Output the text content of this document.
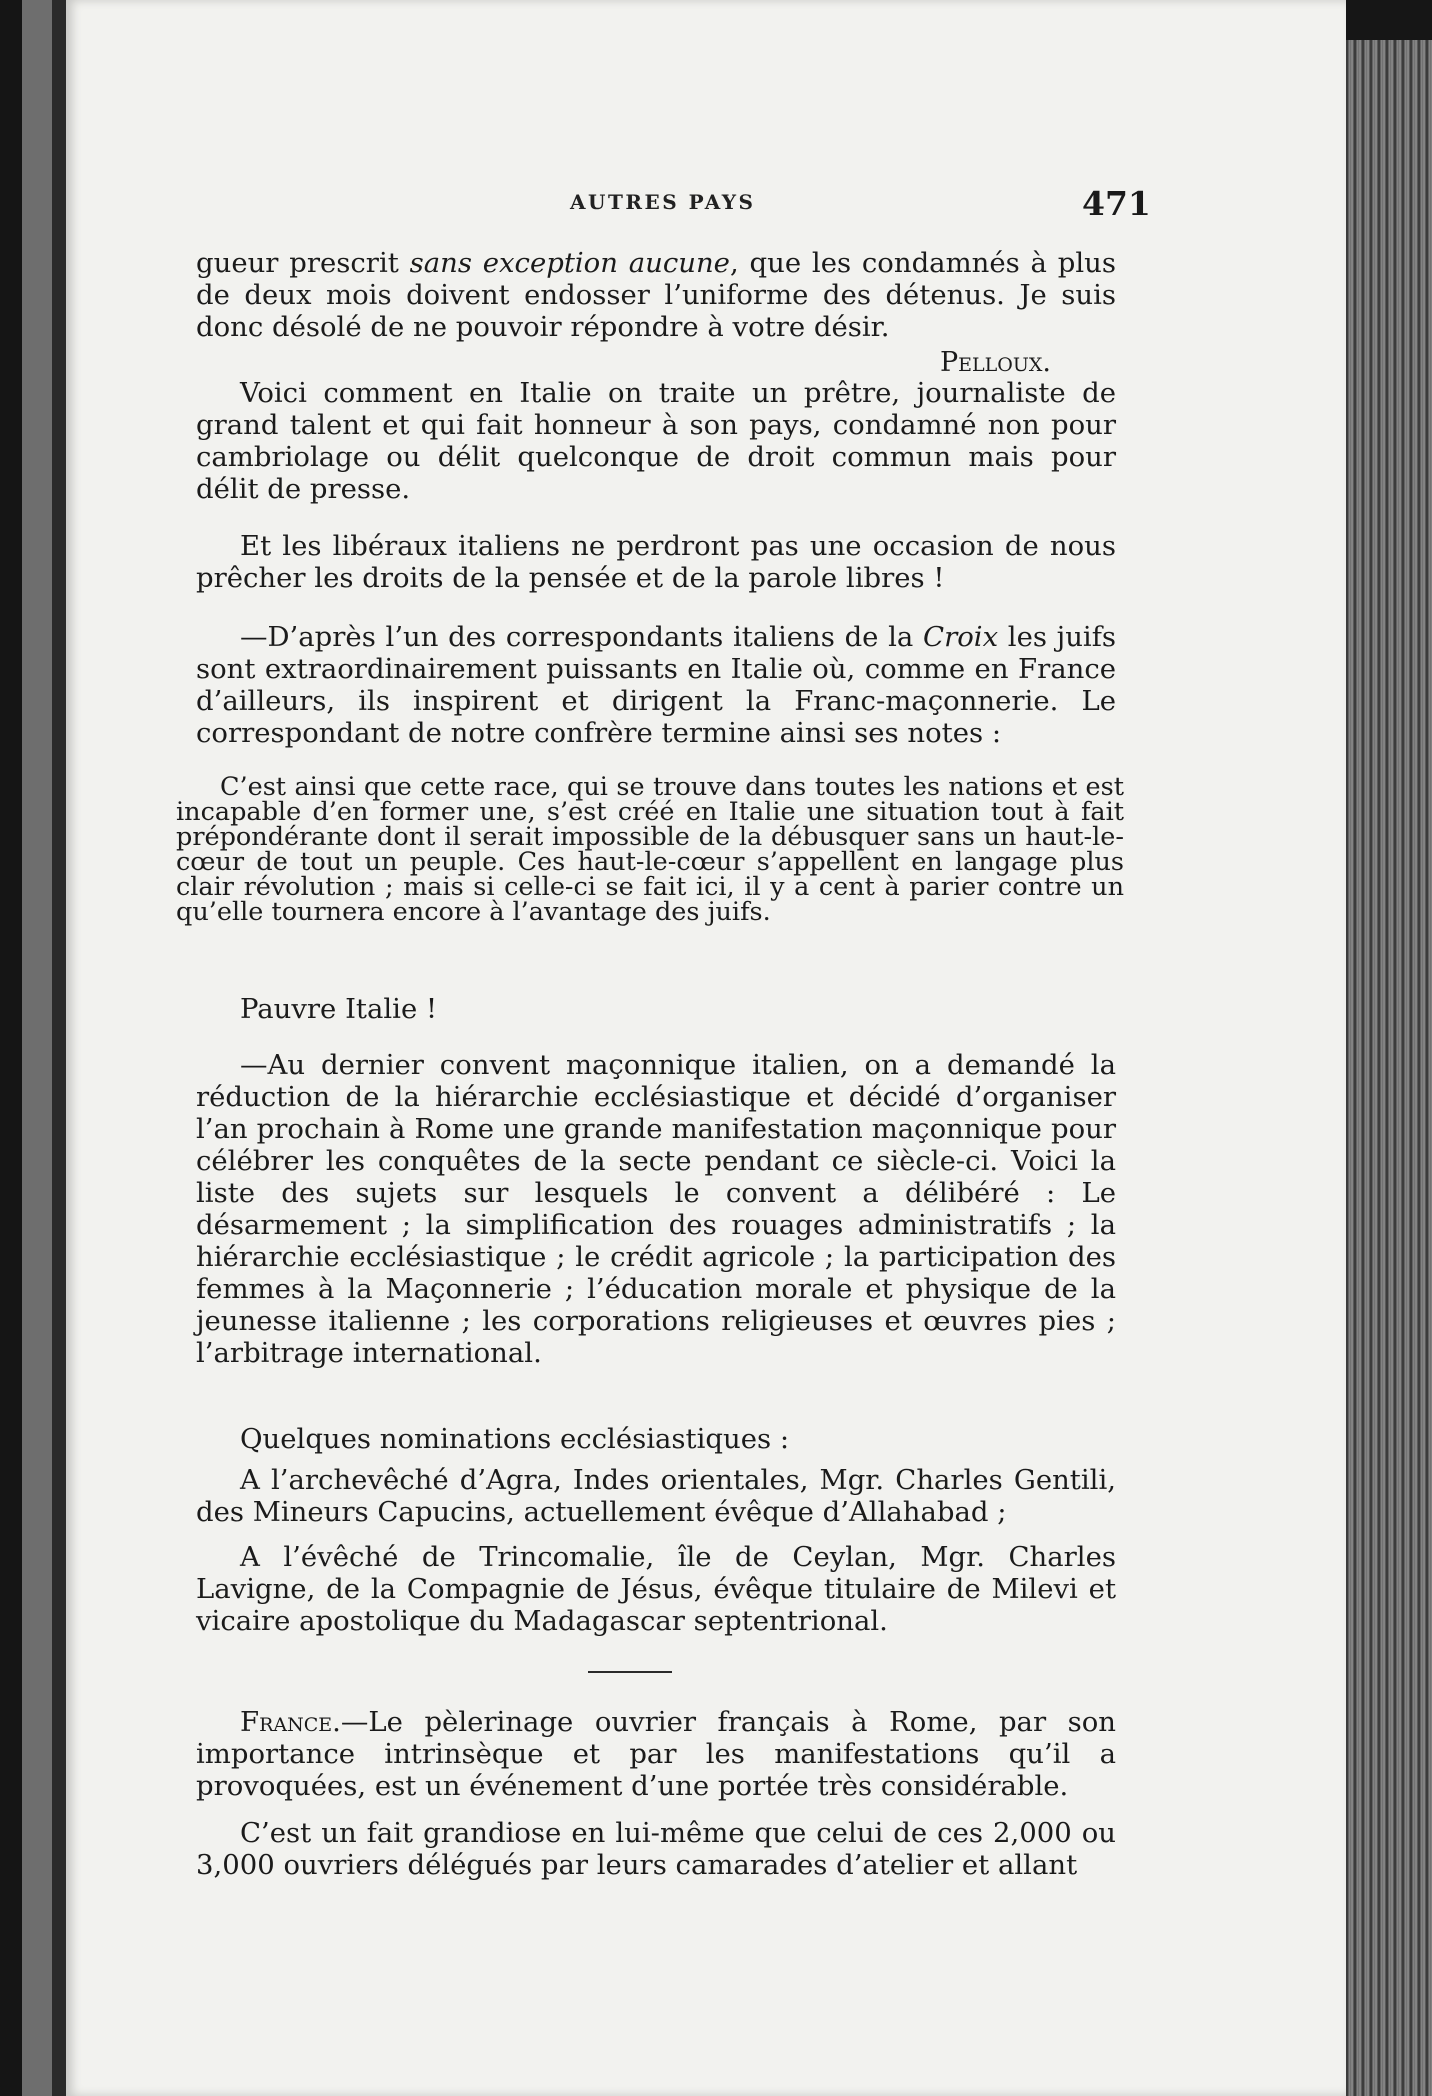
AUTRES PAYS	471

gueur prescrit sans exception aucune, que les condamnés à plus de deux mois doivent endosser l’uniforme des détenus. Je suis donc désolé de ne pouvoir répondre à votre désir.

Pelloux.

Voici comment en Italie on traite un prêtre, journaliste de grand talent et qui fait honneur à son pays, condamné non pour cambriolage ou délit quelconque de droit commun mais pour délit de presse.

Et les libéraux italiens ne perdront pas une occasion de nous prêcher les droits de la pensée et de la parole libres !

—D’après l’un des correspondants italiens de la Croix les juifs sont extraordinairement puissants en Italie où, comme en France d’ailleurs, ils inspirent et dirigent la Franc-maçonnerie. Le correspondant de notre confrère termine ainsi ses notes :

C’est ainsi que cette race, qui se trouve dans toutes les nations et est incapable d’en former une, s’est créé en Italie une situation tout à fait prépondérante dont il serait impossible de la débusquer sans un haut-le-cœur de tout un peuple. Ces haut-le-cœur s’appellent en langage plus clair révolution ; mais si celle-ci se fait ici, il y a cent à parier contre un qu’elle tournera encore à l’avantage des juifs.

Pauvre Italie !

—Au dernier convent maçonnique italien, on a demandé la réduction de la hiérarchie ecclésiastique et décidé d’organiser l’an prochain à Rome une grande manifestation maçonnique pour célébrer les conquêtes de la secte pendant ce siècle-ci. Voici la liste des sujets sur lesquels le convent a délibéré : Le désarmement ; la simplification des rouages administratifs ; la hiérarchie ecclésiastique ; le crédit agricole ; la participation des femmes à la Maçonnerie ; l’éducation morale et physique de la jeunesse italienne ; les corporations religieuses et œuvres pies ; l’arbitrage international.

Quelques nominations ecclésiastiques :

A l’archevêché d’Agra, Indes orientales, Mgr. Charles Gentili, des Mineurs Capucins, actuellement évêque d’Allahabad ;

A l’évêché de Trincomalie, île de Ceylan, Mgr. Charles Lavigne, de la Compagnie de Jésus, évêque titulaire de Milevi et vicaire apostolique du Madagascar septentrional.

France.—Le pèlerinage ouvrier français à Rome, par son importance intrinsèque et par les manifestations qu’il a provoquées, est un événement d’une portée très considérable.

C’est un fait grandiose en lui-même que celui de ces 2,000 ou 3,000 ouvriers délégués par leurs camarades d’atelier et allant
